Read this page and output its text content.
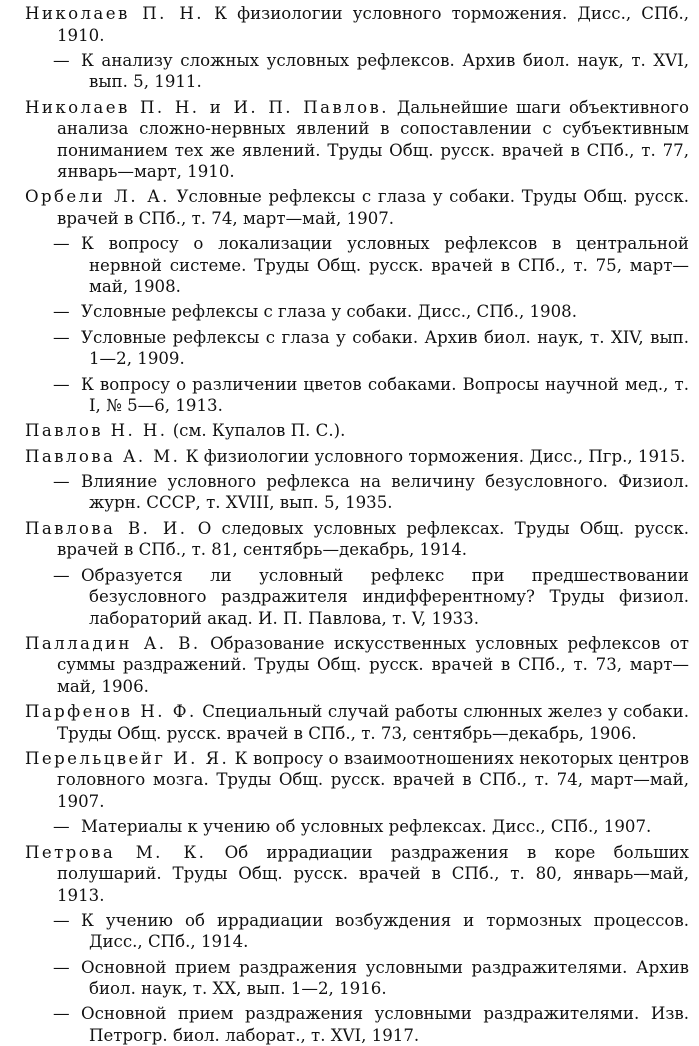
Николаев П. Н. К физиологии условного торможения. Дисс., СПб., 1910.

— К анализу сложных условных рефлексов. Архив биол. наук, т. XVI, вып. 5, 1911.

Николаев П. Н. и И. П. Павлов. Дальнейшие шаги объективного анализа сложно-нервных явлений в сопоставлении с субъективным пониманием тех же явлений. Труды Общ. русск. врачей в СПб., т. 77, январь—март, 1910.

Орбели Л. А. Условные рефлексы с глаза у собаки. Труды Общ. русск. врачей в СПб., т. 74, март—май, 1907.

— К вопросу о локализации условных рефлексов в центральной нервной системе. Труды Общ. русск. врачей в СПб., т. 75, март—май, 1908.

— Условные рефлексы с глаза у собаки. Дисс., СПб., 1908.

— Условные рефлексы с глаза у собаки. Архив биол. наук, т. XIV, вып. 1—2, 1909.

— К вопросу о различении цветов собаками. Вопросы научной мед., т. I, № 5—6, 1913.

Павлов Н. Н. (см. Купалов П. С.).

Павлова А. М. К физиологии условного торможения. Дисс., Пгр., 1915.

— Влияние условного рефлекса на величину безусловного. Физиол. журн. СССР, т. XVIII, вып. 5, 1935.

Павлова В. И. О следовых условных рефлексах. Труды Общ. русск. врачей в СПб., т. 81, сентябрь—декабрь, 1914.

— Образуется ли условный рефлекс при предшествовании безусловного раздражителя индифферентному? Труды физиол. лабораторий акад. И. П. Павлова, т. V, 1933.

Палладин А. В. Образование искусственных условных рефлексов от суммы раздражений. Труды Общ. русск. врачей в СПб., т. 73, март—май, 1906.

Парфенов Н. Ф. Специальный случай работы слюнных желез у собаки. Труды Общ. русск. врачей в СПб., т. 73, сентябрь—декабрь, 1906.

Перельцвейг И. Я. К вопросу о взаимоотношениях некоторых центров головного мозга. Труды Общ. русск. врачей в СПб., т. 74, март—май, 1907.

— Материалы к учению об условных рефлексах. Дисс., СПб., 1907.

Петрова М. К. Об иррадиации раздражения в коре больших полушарий. Труды Общ. русск. врачей в СПб., т. 80, январь—май, 1913.

— К учению об иррадиации возбуждения и тормозных процессов. Дисс., СПб., 1914.

— Основной прием раздражения условными раздражителями. Архив биол. наук, т. XX, вып. 1—2, 1916.

— Основной прием раздражения условными раздражителями. Изв. Петрогр. биол. лаборат., т. XVI, 1917.
